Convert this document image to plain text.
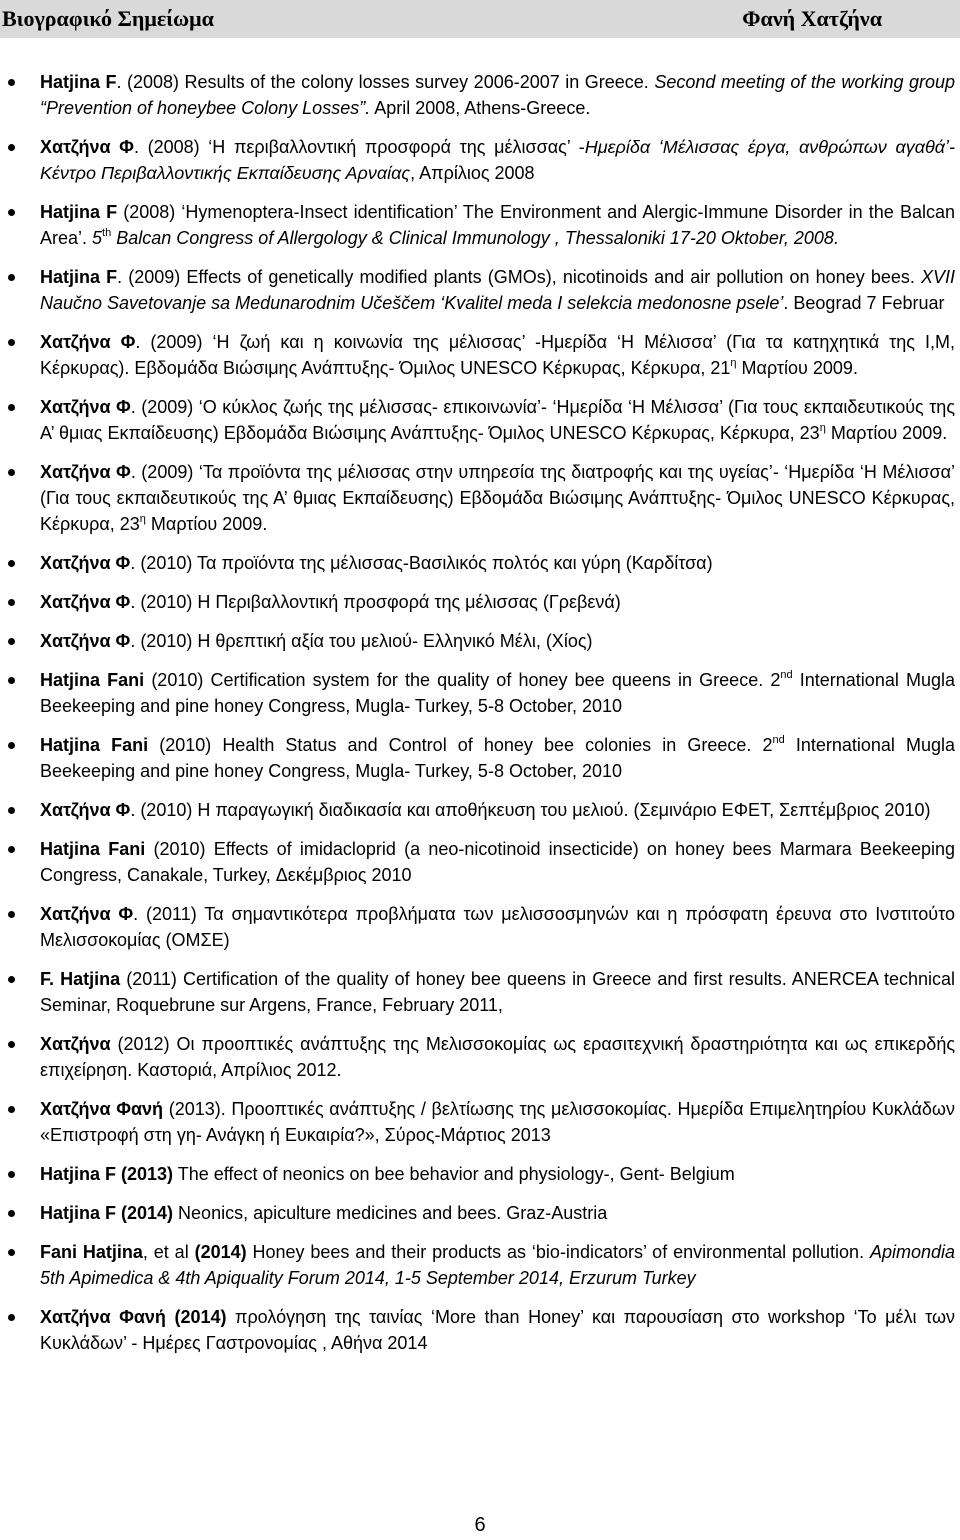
Βιογραφικό Σημείωμα	Φανή Χατζήνα
Hatjina F. (2008) Results of the colony losses survey 2006-2007 in Greece. Second meeting of the working group “Prevention of honeybee Colony Losses”. April 2008, Athens-Greece.
Χατζήνα Φ. (2008) ‘Η περιβαλλοντική προσφορά της μέλισσας’ -Ημερίδα ‘Μέλισσας έργα, ανθρώπων αγαθά’- Κέντρο Περιβαλλοντικής Εκπαίδευσης Αρναίας, Απρίλιος 2008
Hatjina F (2008) ‘Hymenoptera-Insect identification’ The Environment and Alergic-Immune Disorder in the Balcan Area’. 5th Balcan Congress of Allergology & Clinical Immunology , Thessaloniki 17-20 Oktober, 2008.
Hatjina F. (2009) Effects of genetically modified plants (GMOs), nicotinoids and air pollution on honey bees. XVII Naučno Savetovanje sa Medunarodnim Učeščem ‘Kvalitel meda I selekcia medonosne psele’. Beograd 7 Februar
Χατζήνα Φ. (2009) ‘Η ζωή και η κοινωνία της μέλισσας’ -Ημερίδα ‘Η Μέλισσα’ (Για τα κατηχητικά της Ι,Μ, Κέρκυρας). Εβδομάδα Βιώσιμης Ανάπτυξης- Όμιλος UNESCO Κέρκυρας, Κέρκυρα, $21^\eta$ Μαρτίου 2009.
Χατζήνα Φ. (2009) ‘Ο κύκλος ζωής της μέλισσας- επικοινωνία’- ‘Ημερίδα ‘Η Μέλισσα’ (Για τους εκπαιδευτικούς της Α’ θμιας Εκπαίδευσης) Εβδομάδα Βιώσιμης Ανάπτυξης- Όμιλος UNESCO Κέρκυρας, Κέρκυρα, $23^\eta$ Μαρτίου 2009.
Χατζήνα Φ. (2009) ‘Τα προϊόντα της μέλισσας στην υπηρεσία της διατροφής και της υγείας’- ‘Ημερίδα ‘Η Μέλισσα’ (Για τους εκπαιδευτικούς της Α’ θμιας Εκπαίδευσης) Εβδομάδα Βιώσιμης Ανάπτυξης- Όμιλος UNESCO Κέρκυρας, Κέρκυρα, $23^\eta$ Μαρτίου 2009.
Χατζήνα Φ. (2010) Τα προϊόντα της μέλισσας-Βασιλικός πολτός και γύρη (Καρδίτσα)
Χατζήνα Φ. (2010) Η Περιβαλλοντική προσφορά της μέλισσας (Γρεβενά)
Χατζήνα Φ. (2010) Η θρεπτική αξία του μελιού- Ελληνικό Μέλι, (Χίος)
Hatjina Fani (2010) Certification system for the quality of honey bee queens in Greece. 2nd International Mugla Beekeeping and pine honey Congress, Mugla- Turkey, 5-8 October, 2010
Hatjina Fani (2010) Health Status and Control of honey bee colonies in Greece. 2nd International Mugla Beekeeping and pine honey Congress, Mugla- Turkey, 5-8 October, 2010
Χατζήνα Φ. (2010) Η παραγωγική διαδικασία και αποθήκευση του μελιού. (Σεμινάριο ΕΦΕΤ, Σεπτέμβριος 2010)
Hatjina Fani (2010) Effects of imidacloprid (a neo-nicotinoid insecticide) on honey bees Marmara Beekeeping Congress, Canakale, Turkey, Δεκέμβριος 2010
Χατζήνα Φ. (2011) Τα σημαντικότερα προβλήματα των μελισσοσμηνών και η πρόσφατη έρευνα στο Ινστιτούτο Μελισσοκομίας (ΟΜΣΕ)
F. Hatjina (2011) Certification of the quality of honey bee queens in Greece and first results. ANERCEA technical Seminar, Roquebrune sur Argens, France, February 2011,
Χατζήνα (2012) Οι προοπτικές ανάπτυξης της Μελισσοκομίας ως ερασιτεχνική δραστηριότητα και ως επικερδής επιχείρηση. Καστοριά, Απρίλιος 2012.
Χατζήνα Φανή (2013). Προοπτικές ανάπτυξης / βελτίωσης της μελισσοκομίας. Ημερίδα Επιμελητηρίου Κυκλάδων «Επιστροφή στη γη- Ανάγκη ή Ευκαιρία?», Σύρος-Μάρτιος 2013
Hatjina F (2013) The effect of neonics on bee behavior and physiology-, Gent- Belgium
Hatjina F (2014) Neonics, apiculture medicines and bees. Graz-Austria
Fani Hatjina, et al (2014) Honey bees and their products as ‘bio-indicators’ of environmental pollution. Apimondia 5th Apimedica & 4th Apiquality Forum 2014, 1-5 September 2014, Erzurum Turkey
Χατζήνα Φανή (2014) προλόγηση της ταινίας ‘More than Honey’ και παρουσίαση στο workshop ‘Το μέλι των Κυκλάδων’ - Ημέρες Γαστρονομίας , Αθήνα 2014
6
